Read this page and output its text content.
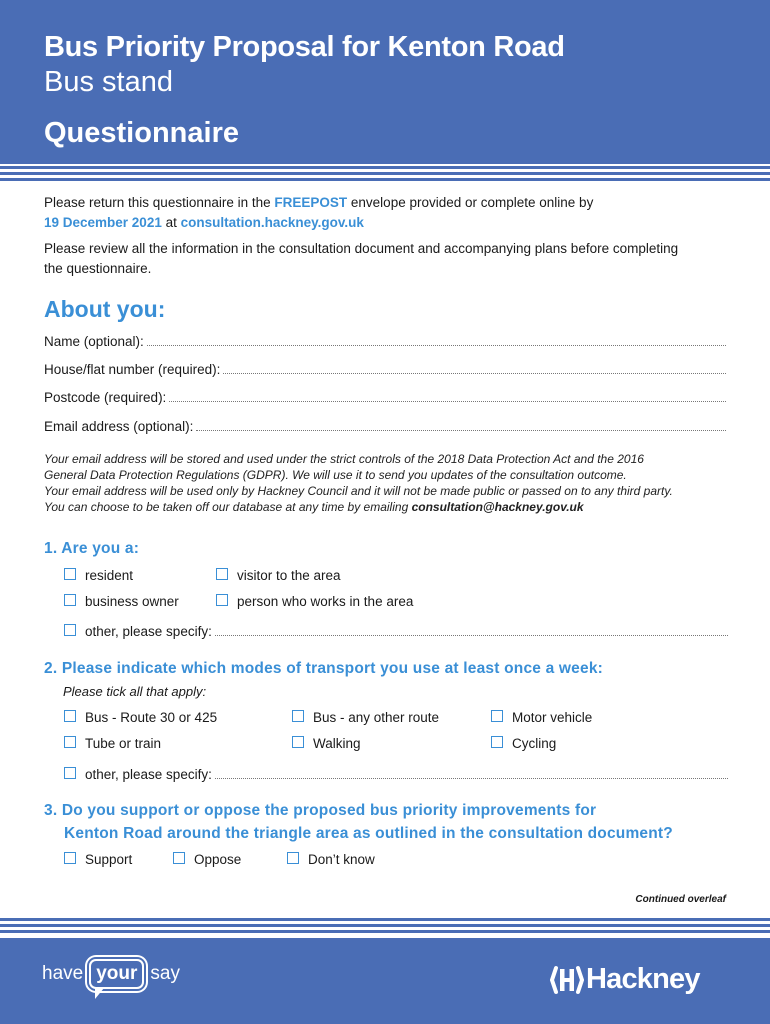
Bus Priority Proposal for Kenton Road
Bus stand
Questionnaire
Please return this questionnaire in the FREEPOST envelope provided or complete online by
19 December 2021 at consultation.hackney.gov.uk
Please review all the information in the consultation document and accompanying plans before completing
the questionnaire.
About you:
Name (optional):
House/flat number (required):
Postcode (required):
Email address (optional):
Your email address will be stored and used under the strict controls of the 2018 Data Protection Act and the 2016
General Data Protection Regulations (GDPR). We will use it to send you updates of the consultation outcome.
Your email address will be used only by Hackney Council and it will not be made public or passed on to any third party.
You can choose to be taken off our database at any time by emailing consultation@hackney.gov.uk
1. Are you a:
resident	visitor to the area
business owner	person who works in the area
other, please specify:
2. Please indicate which modes of transport you use at least once a week:
Please tick all that apply:
Bus - Route 30 or 425	Bus - any other route	Motor vehicle
Tube or train	Walking	Cycling
other, please specify:
3. Do you support or oppose the proposed bus priority improvements for
Kenton Road around the triangle area as outlined in the consultation document?
Support	Oppose	Don’t know
Continued overleaf
have your say	Hackney
